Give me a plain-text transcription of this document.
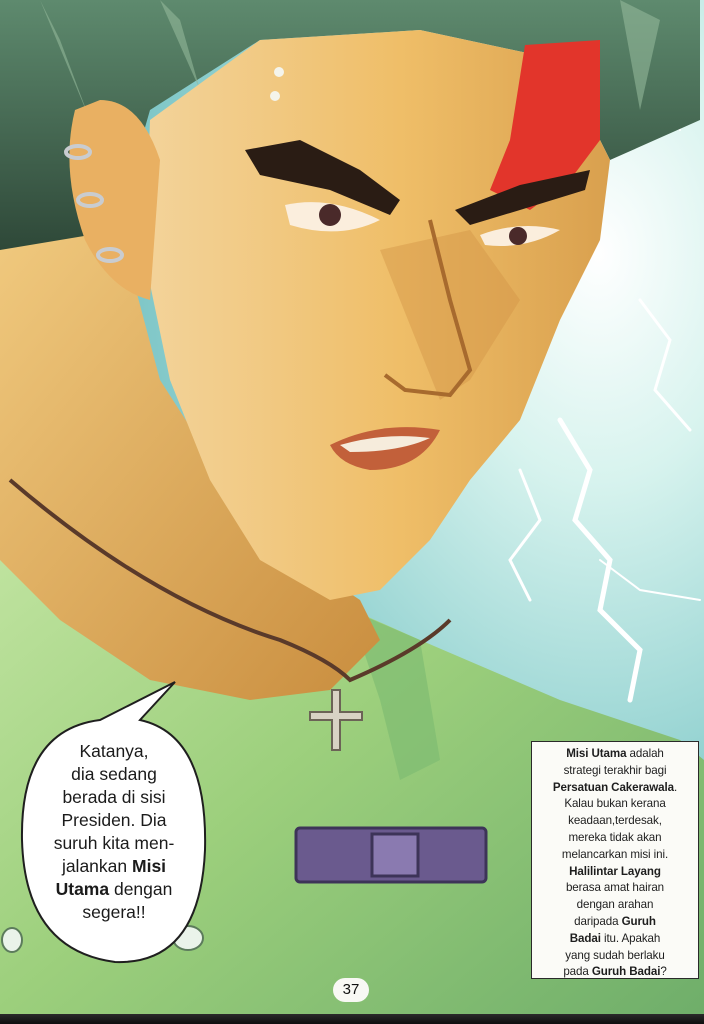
Katanya,
dia sedang
berada di sisi
Presiden. Dia
suruh kita men-
jalankan Misi
Utama dengan
segera!!
Misi Utama adalah
strategi terakhir bagi
Persatuan Cakerawala.
Kalau bukan kerana
keadaan,terdesak,
mereka tidak akan
melancarkan misi ini.
Halilintar Layang
berasa amat hairan
dengan arahan
daripada Guruh
Badai itu. Apakah
yang sudah berlaku
pada Guruh Badai?
37
